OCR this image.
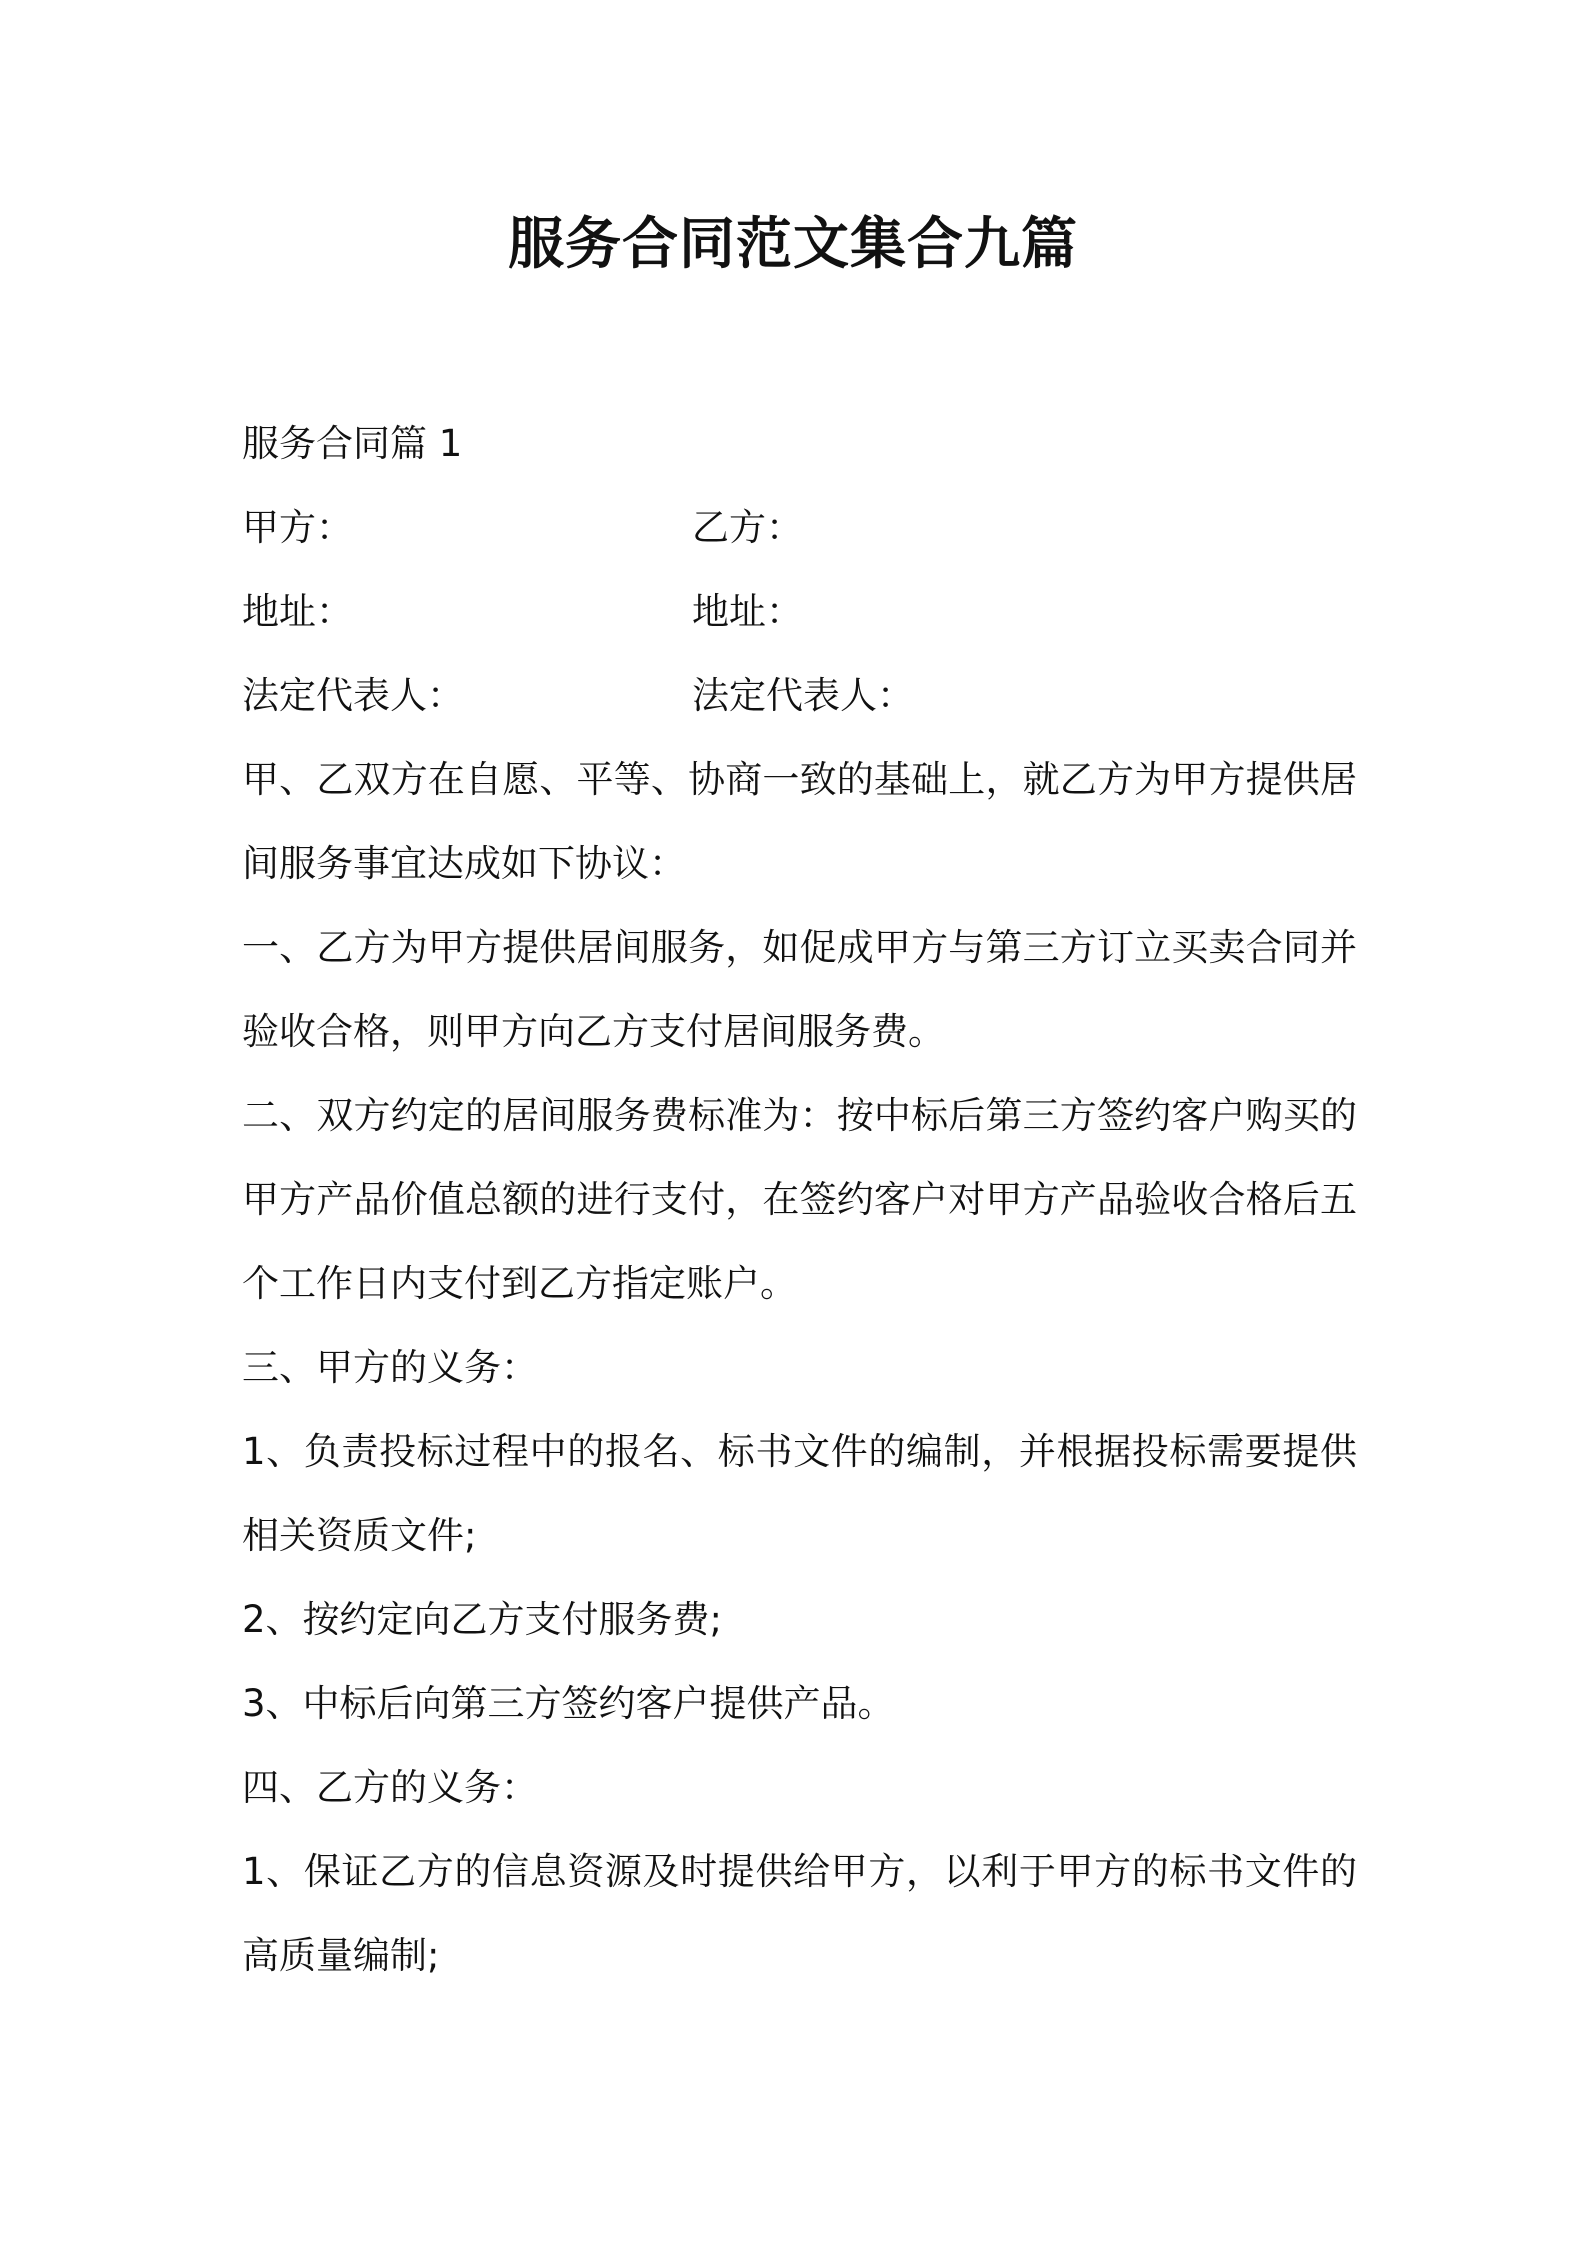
服务合同范文集合九篇
服务合同篇 1
甲方：	乙方：
地址：	地址：
法定代表人：	法定代表人：
甲、乙双方在自愿、平等、协商一致的基础上，就乙方为甲方提供居
间服务事宜达成如下协议：
一、乙方为甲方提供居间服务，如促成甲方与第三方订立买卖合同并
验收合格，则甲方向乙方支付居间服务费。
二、双方约定的居间服务费标准为：按中标后第三方签约客户购买的
甲方产品价值总额的进行支付，在签约客户对甲方产品验收合格后五
个工作日内支付到乙方指定账户。
三、甲方的义务：
1、负责投标过程中的报名、标书文件的编制，并根据投标需要提供
相关资质文件;
2、按约定向乙方支付服务费;
3、中标后向第三方签约客户提供产品。
四、乙方的义务：
1、保证乙方的信息资源及时提供给甲方，以利于甲方的标书文件的
高质量编制;
